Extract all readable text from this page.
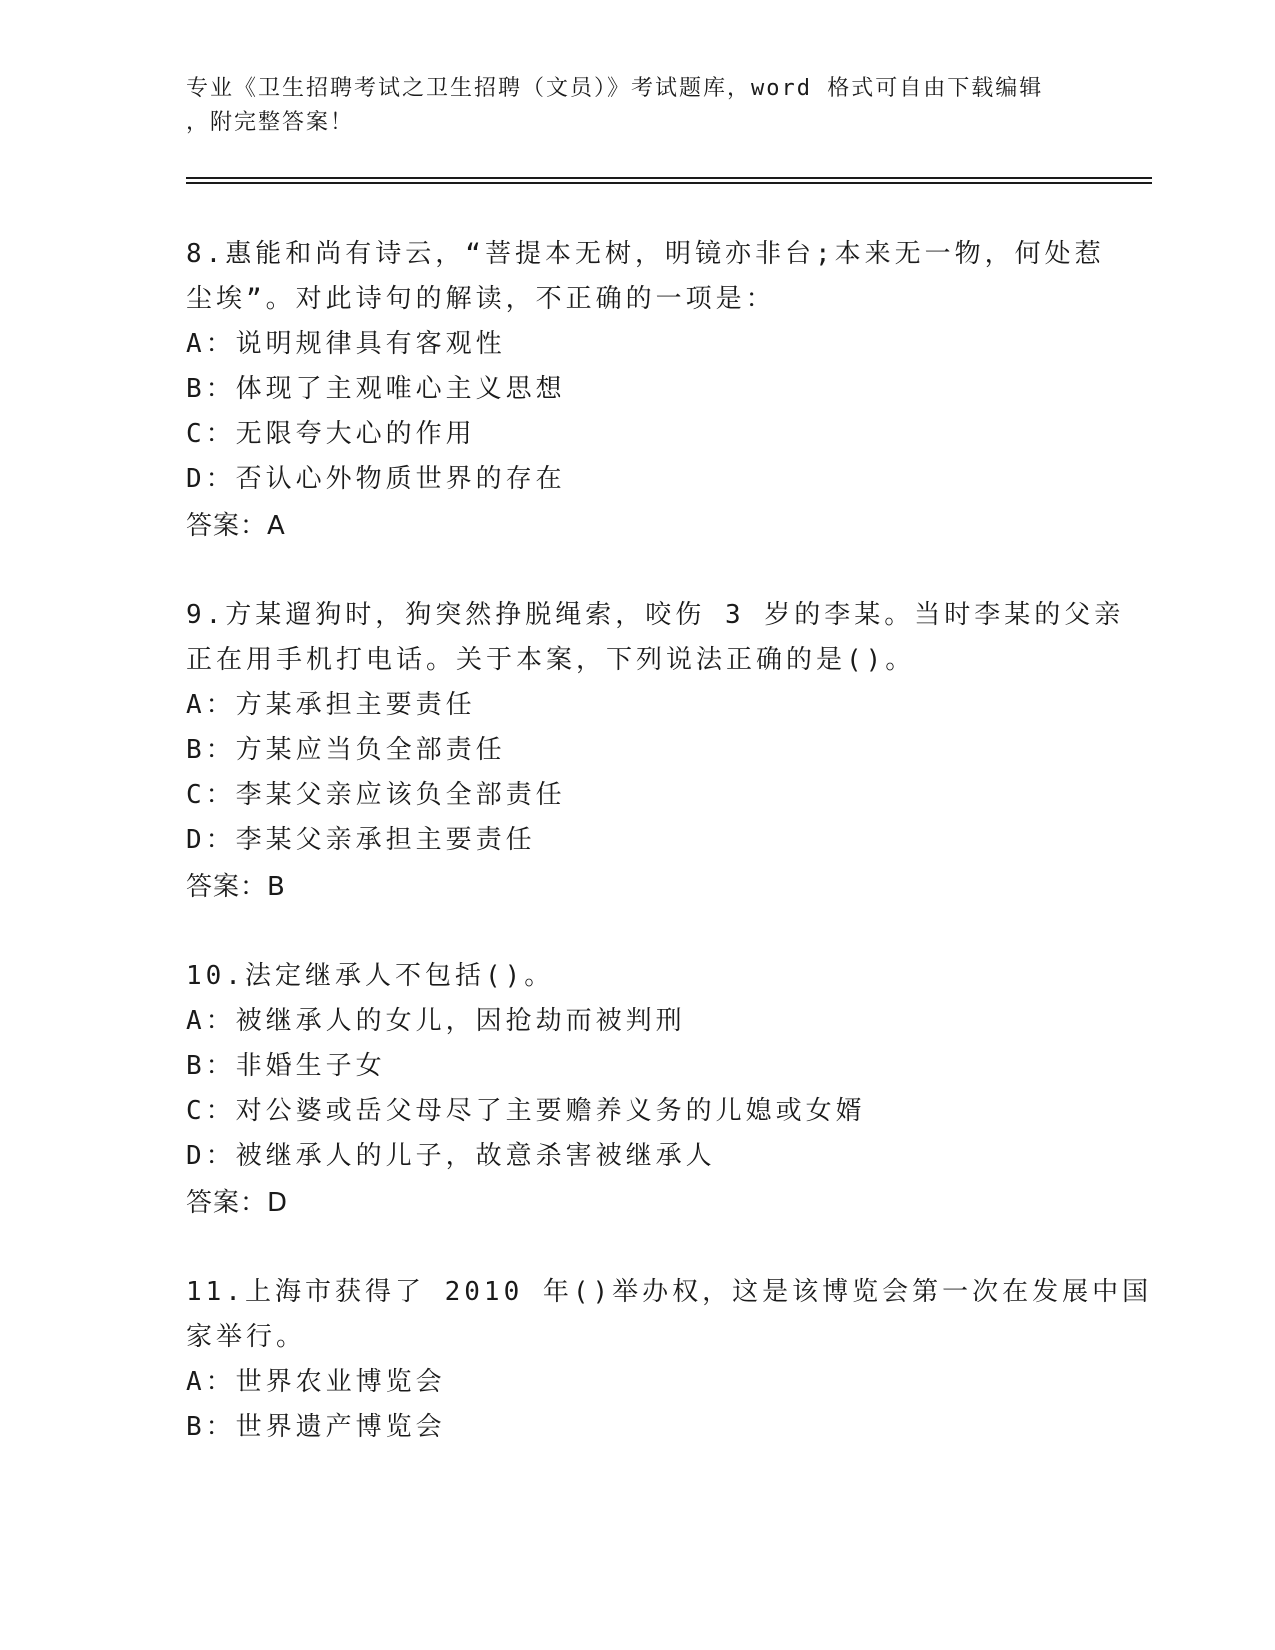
专业《卫生招聘考试之卫生招聘（文员）》考试题库，word 格式可自由下载编辑
，附完整答案！
8.惠能和尚有诗云，“菩提本无树，明镜亦非台;本来无一物，何处惹
尘埃”。对此诗句的解读，不正确的一项是：
A：说明规律具有客观性
B：体现了主观唯心主义思想
C：无限夸大心的作用
D：否认心外物质世界的存在
答案：A
9.方某遛狗时，狗突然挣脱绳索，咬伤 3 岁的李某。当时李某的父亲
正在用手机打电话。关于本案，下列说法正确的是()。
A：方某承担主要责任
B：方某应当负全部责任
C：李某父亲应该负全部责任
D：李某父亲承担主要责任
答案：B
10.法定继承人不包括()。
A：被继承人的女儿，因抢劫而被判刑
B：非婚生子女
C：对公婆或岳父母尽了主要赡养义务的儿媳或女婿
D：被继承人的儿子，故意杀害被继承人
答案：D
11.上海市获得了 2010 年()举办权，这是该博览会第一次在发展中国
家举行。
A：世界农业博览会
B：世界遗产博览会
